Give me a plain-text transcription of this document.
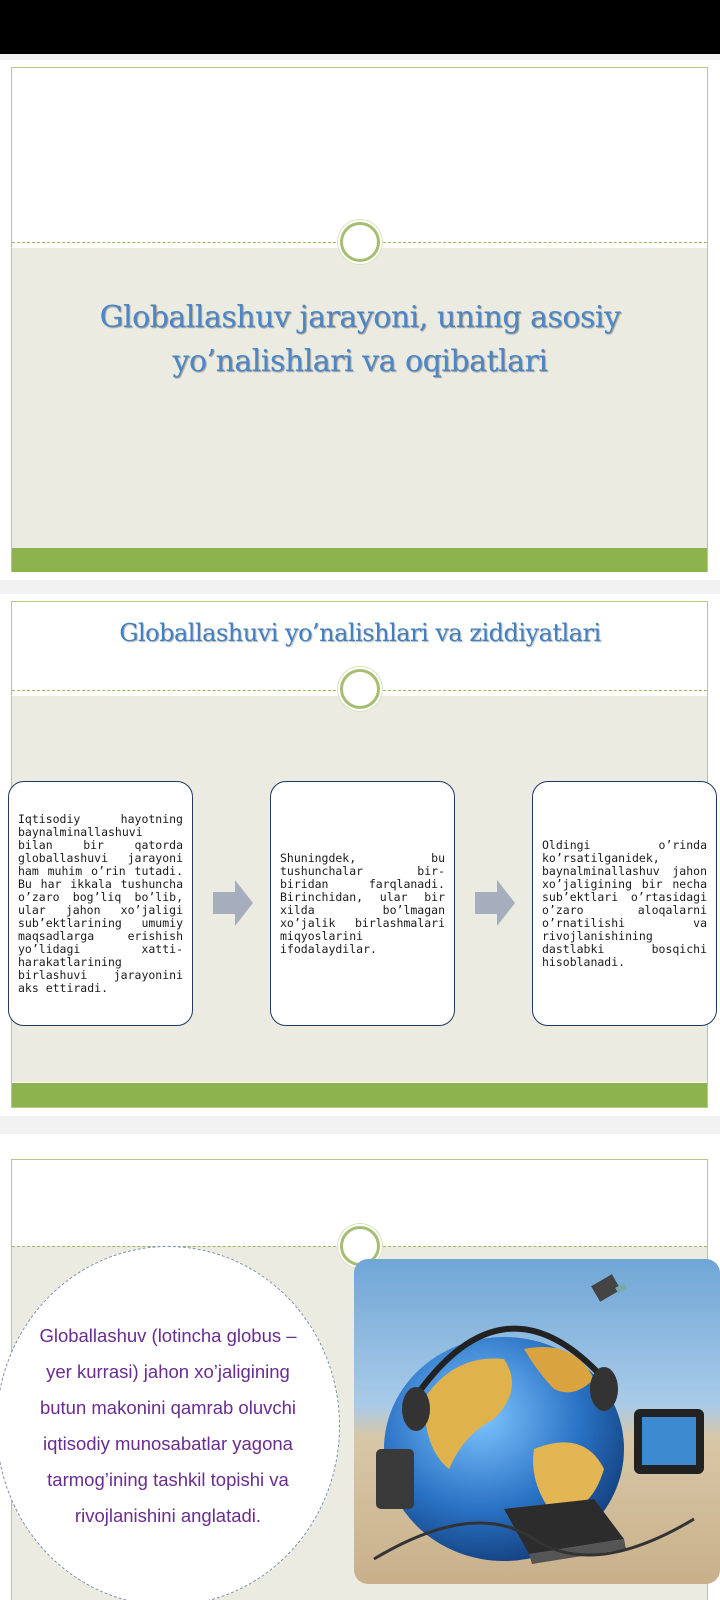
Globallashuv jarayoni, uning asosiy
yo’nalishlari va oqibatlari
Globallashuvi yo’nalishlari va ziddiyatlari

Iqtisodiy hayotning baynalminallashuvi bilan bir qatorda globallashuvi jarayoni ham muhim o’rin tutadi. Bu har ikkala tushuncha o’zaro bog’liq bo’lib, ular jahon xo’jaligi sub’ektlarining umumiy maqsadlarga erishish yo’lidagi xatti-harakatlarining birlashuvi jarayonini aks ettiradi.

Shuningdek, bu tushunchalar bir-biridan farqlanadi. Birinchidan, ular bir xilda bo’lmagan xo’jalik birlashmalari miqyoslarini ifodalaydilar.

Oldingi o’rinda ko’rsatilganidek, baynalminallashuv jahon xo’jaligining bir necha sub’ektlari o’rtasidagi o’zaro aloqalarni o’rnatilishi va rivojlanishining dastlabki bosqichi hisoblanadi.

Globallashuv (lotincha globus – yer kurrasi) jahon xo’jaligining butun makonini qamrab oluvchi iqtisodiy munosabatlar yagona tarmog’ining tashkil topishi va rivojlanishini anglatadi.
